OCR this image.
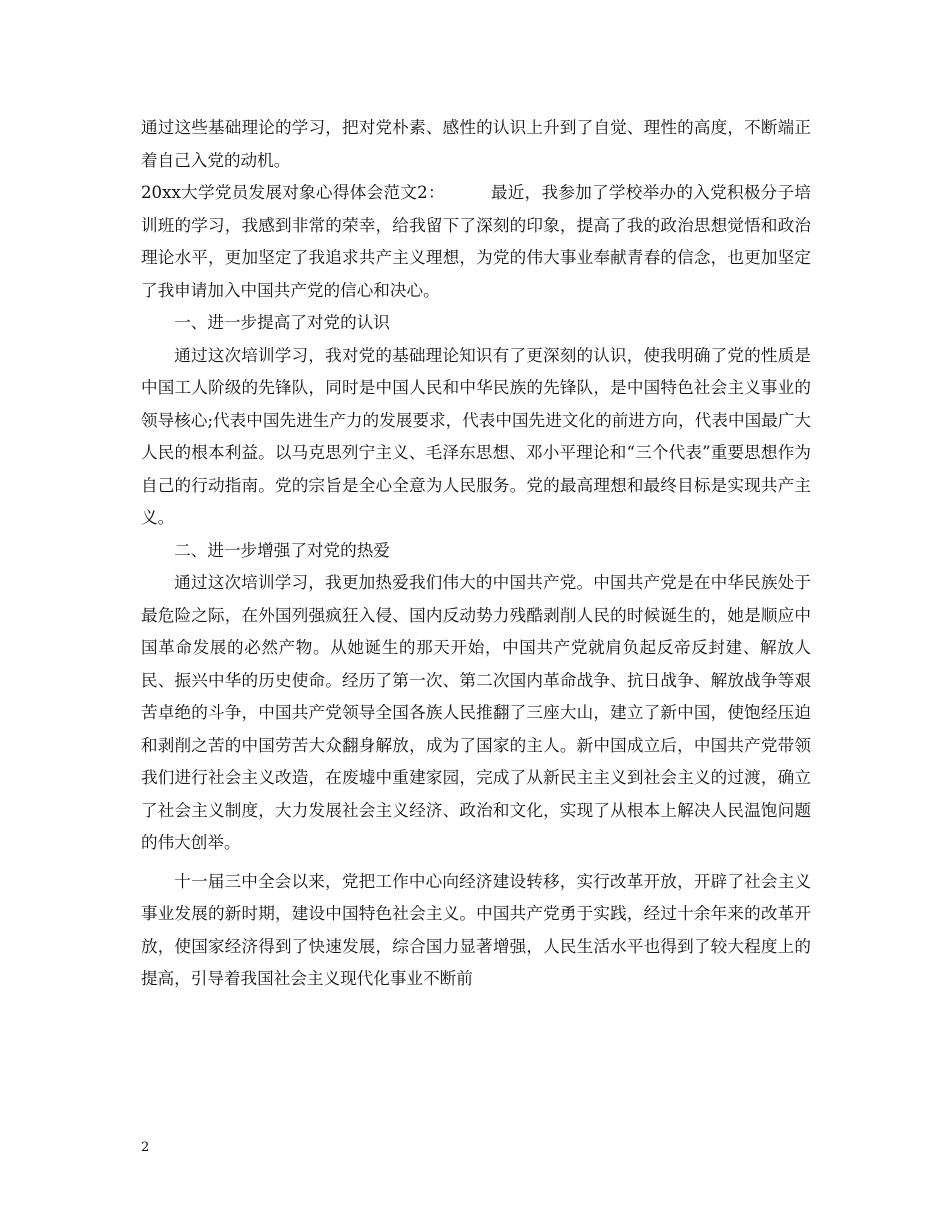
通过这些基础理论的学习，把对党朴素、感性的认识上升到了自觉、理性的高度，不断端正着自己入党的动机。

20xx大学党员发展对象心得体会范文2：	最近，我参加了学校举办的入党积极分子培训班的学习，我感到非常的荣幸，给我留下了深刻的印象，提高了我的政治思想觉悟和政治理论水平，更加坚定了我追求共产主义理想，为党的伟大事业奉献青春的信念，也更加坚定了我申请加入中国共产党的信心和决心。

一、进一步提高了对党的认识

通过这次培训学习，我对党的基础理论知识有了更深刻的认识，使我明确了党的性质是中国工人阶级的先锋队，同时是中国人民和中华民族的先锋队，是中国特色社会主义事业的领导核心;代表中国先进生产力的发展要求，代表中国先进文化的前进方向，代表中国最广大人民的根本利益。以马克思列宁主义、毛泽东思想、邓小平理论和“三个代表”重要思想作为自己的行动指南。党的宗旨是全心全意为人民服务。党的最高理想和最终目标是实现共产主义。

二、进一步增强了对党的热爱

通过这次培训学习，我更加热爱我们伟大的中国共产党。中国共产党是在中华民族处于最危险之际，在外国列强疯狂入侵、国内反动势力残酷剥削人民的时候诞生的，她是顺应中国革命发展的必然产物。从她诞生的那天开始，中国共产党就肩负起反帝反封建、解放人民、振兴中华的历史使命。经历了第一次、第二次国内革命战争、抗日战争、解放战争等艰苦卓绝的斗争，中国共产党领导全国各族人民推翻了三座大山，建立了新中国，使饱经压迫和剥削之苦的中国劳苦大众翻身解放，成为了国家的主人。新中国成立后，中国共产党带领我们进行社会主义改造，在废墟中重建家园，完成了从新民主主义到社会主义的过渡，确立了社会主义制度，大力发展社会主义经济、政治和文化，实现了从根本上解决人民温饱问题的伟大创举。

十一届三中全会以来，党把工作中心向经济建设转移，实行改革开放，开辟了社会主义事业发展的新时期，建设中国特色社会主义。中国共产党勇于实践，经过十余年来的改革开放，使国家经济得到了快速发展，综合国力显著增强，人民生活水平也得到了较大程度上的提高，引导着我国社会主义现代化事业不断前

2
